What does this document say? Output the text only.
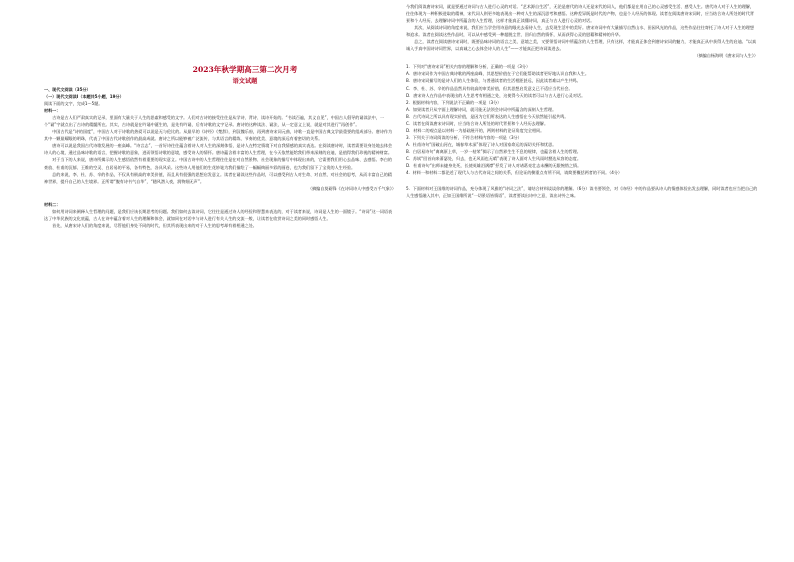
2023年秋学期高三第二次月考
语文试题

一、现代文阅读（35分）

（一）现代文阅读Ⅰ（本题共5小题，19分）

阅读下面的文字，完成1～5题。

材料一：

　　古诗是古人们严肃真实的记录，里面有大量关于人生的思索和感受的文字。人们对古诗的接受往往是从学诗、背诗、读诗开始的。“书读百遍，其义自见”，中国古人倡导的诵读法中，一个“诵”字就点出了古诗的精髓所在。其实，古诗就是在吟诵中诞生的，是先有吟诵，后有诗歌的文字记录。唐诗的这种读法、诵法，从一定意义上说，就是对其进行“再创作”。

　　中国古代是“诗的国度”，中国古人对于诗歌的热爱可以说是无与伦比的。从最早的《诗经》《楚辞》，到汉魏乐府，再到唐诗宋词元曲，诗歌一直是中国古典文学最重要的组成部分。唐诗作为其中一颗最耀眼的明珠，代表了中国古代诗歌创作的最高成就。唐诗之所以能够被广泛流传，与其语言的精练、节奏的优美、意境的深远有着密切的关系。

　　唐诗可以说是我国古代诗歌发展的一座高峰。“诗言志”，一首好诗往往蕴含着诗人对人生的深刻体悟，是诗人在特定情境下对自我情感的真实表达。在阅读唐诗时，读者需要设身处地去体会诗人的心境，通过品味诗歌的语言，把握诗歌的意象，进而领悟诗歌的意境，感受诗人的情怀。唐诗蕴含着丰富的人生哲理，在今天依然能给我们带来深刻的启迪，是值得我们珍视的精神财富。

　　对于当下的人来说，唐诗所揭示的人生感悟依然有着重要的现实意义。中国古诗中的人生哲理往往是在对自然景物、社会现象的描写中体现出来的，它需要我们用心去品味、去感悟。李白的豪放、杜甫的沉郁、王维的空灵、白居易的平易，各有特色，各具风采。这些诗人用他们的生花妙笔为我们描绘了一幅幅绚丽多彩的画卷，也为我们留下了宝贵的人生经验。

　　总的来说，李、杜、苏、辛的作品，不仅具有极高的审美价值，而且具有很强的思想启发意义。读者在诵读这些作品时，可以感受到古人对生命、对自然、对社会的思考，从而丰富自己的精神世界，提升自己的人生境界。正所谓“腹有诗书气自华”，“随风潜入夜，润物细无声”。

（摘编自莫砺锋《在诗词诗人中感受万千气象》）

材料二：

　　如何用诗词来阐释人生哲理的问题，是我们应该长期思考的问题。我们如何去读诗词，它往往是通过诗人的经验和智慧来表达的，对于读者来说，诗词是人生的一面镜子。“诗词”这一词语表达了中华民族的文化底蕴，古人在诗中蕴含着对人生的理解和体会，就如同在对话中与诗人进行有关人生的交流一般，让读者在欣赏诗词之美的同时感悟人生。

　　首先，从唐宋诗人们的角度来说，尽管他们身处不同的时代，但其所表现出来的对于人生的思考却有着相通之处。

今我们阅读唐诗宋词，就是要通过诗词与古人进行心灵的对话。“艺术源自生活”，无论是唐代的诗人还是宋代的词人，他们都是在用自己的心灵感受生活、感受人生。唐代诗人对于人生的理解，往往体现为一种积极进取的精神，宋代词人则更多地表现出一种对人生的深沉思考和感悟。这种差异既是时代的产物，也是个人经历的体现。读者在阅读唐诗宋词时，应当结合诗人所处的时代背景和个人经历，去理解诗词中所蕴含的人生哲理，这样才能真正读懂诗词，真正与古人进行心灵的对话。

　　其次，从阅读诗词的角度来说，我们应当学会用诗意的眼光去看待人生，去发现生活中的美好。唐宋诗词中有大量描写自然山水、田园风光的作品，这些作品往往寄托了诗人对于人生的理想和追求。读者在阅读这些作品时，可以从中感受到一种超脱尘世、回归自然的情怀，从而获得心灵的慰藉和精神的升华。

　　总之，读者在阅读唐诗宋词时，既要品味诗词的语言之美、意境之美，又要领悟诗词中所蕴含的人生哲理，只有这样，才能真正体会到唐诗宋词的魅力，才能真正从中获得人生的启迪。“以真诚入手真中国诗诗词世界，以真诚之心去体会诗人的人生”——才能真正把诗词读进去。

（摘编自杨海明《唐宋词与人生》）

1．下列对“唐诗宋词”相关内容的理解和分析，正确的一项是（3分）

A．唐诗宋词作为中国古典诗歌的两座高峰，其思想价值在于它们能帮助读者更好地认识自我和人生。

B．唐诗宋词描写的是诗人们的人生体验，与普通读者的生活相距甚远，因此读者难以产生共鸣。

C．李、杜、苏、辛的作品虽然具有较高的审美价值，但其思想启发意义已不适应当代社会。

D．唐宋诗人在作品中表现出的人生思考有相通之处，这使得今天的读者可以与古人进行心灵对话。

2．根据材料内容，下列说法不正确的一项是（3分）

A．如果读者只从字面上理解诗词，就可能无法领会诗词中所蕴含的深刻人生哲理。

B．古代诗词之所以具有现实价值，是因为它们所表达的人生感悟在今天依然能引起共鸣。

C．读者在阅读唐宋诗词时，应当结合诗人所处的时代背景和个人经历去理解。

D．材料二的观点是以材料一为基础展开的，两则材料的论证角度完全相同。

3．下列关于诗词阅读的分析，不符合材料内容的一项是（3分）

A．杜甫诗句“国破山河在，城春草木深”体现了诗人对国家命运的深切关怀和忧思。

B．白居易诗句“离离原上草，一岁一枯荣”揭示了自然界生生不息的规律，也蕴含着人生的哲理。

C．苏轼“回首向来萧瑟处，归去，也无风雨也无晴”表现了诗人面对人生风雨时豁达从容的态度。

D．杜甫诗句“出师未捷身先死，长使英雄泪满襟”抒发了诗人对诸葛亮壮志未酬的无限惋惜之情。

4．材料一和材料二都论述了现代人与古代诗词之间的关系，但论证的侧重点有所不同，请简要概括两者的不同。（4分）

5．下面材料对王国维的诗词作品，充分体现了风雅的“诗词之法”，请结合材料谈谈你的理解。（6分）读书要领会，对《诗经》中的作品要从诗人的情感体验出发去理解，同时读者也应当把自己的人生感悟融入其中，正如王国维所说“一切景语皆情语”，读者要读出诗中之意，读出诗外之味。
